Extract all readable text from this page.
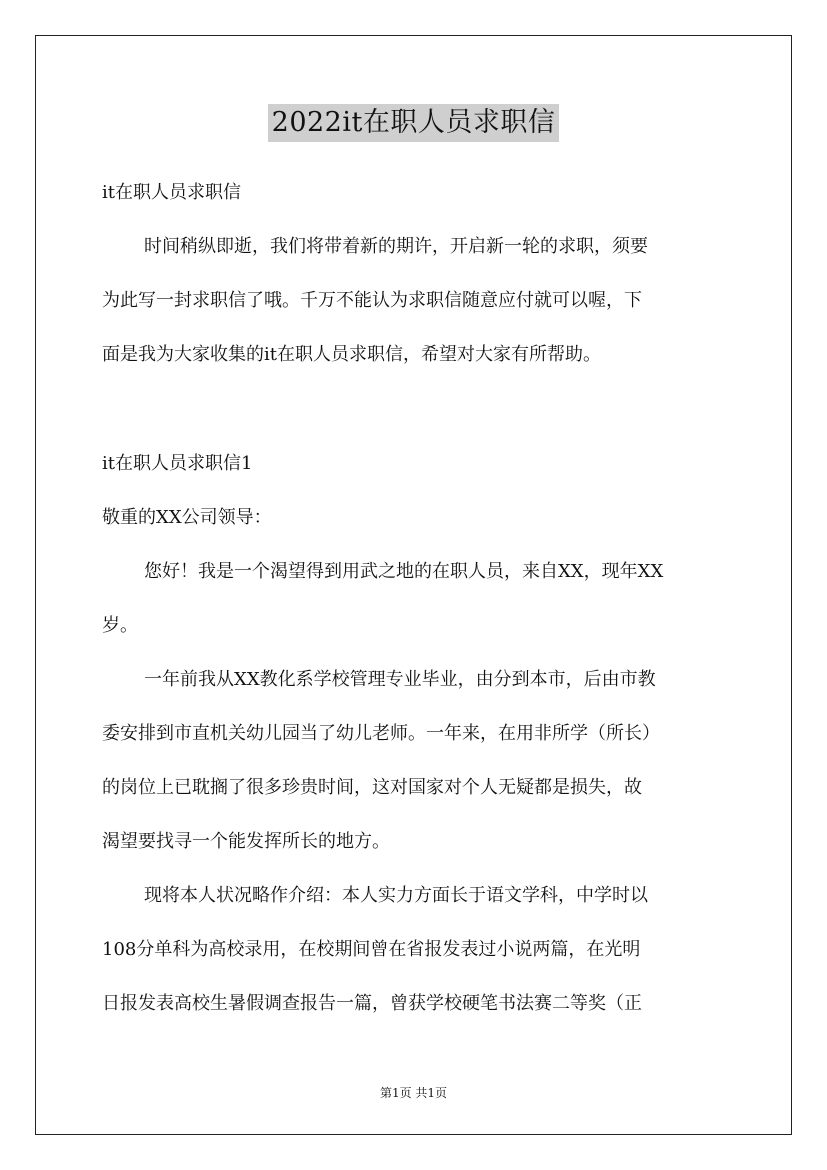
2022it在职人员求职信
it在职人员求职信
时间稍纵即逝，我们将带着新的期许，开启新一轮的求职，须要
为此写一封求职信了哦。千万不能认为求职信随意应付就可以喔，下
面是我为大家收集的it在职人员求职信，希望对大家有所帮助。
it在职人员求职信1
敬重的XX公司领导：
您好！我是一个渴望得到用武之地的在职人员，来自XX，现年XX
岁。
一年前我从XX教化系学校管理专业毕业，由分到本市，后由市教
委安排到市直机关幼儿园当了幼儿老师。一年来，在用非所学（所长）
的岗位上已耽搁了很多珍贵时间，这对国家对个人无疑都是损失，故
渴望要找寻一个能发挥所长的地方。
现将本人状况略作介绍：本人实力方面长于语文学科，中学时以
108分单科为高校录用，在校期间曾在省报发表过小说两篇，在光明
日报发表高校生暑假调查报告一篇，曾获学校硬笔书法赛二等奖（正
第1页 共1页
